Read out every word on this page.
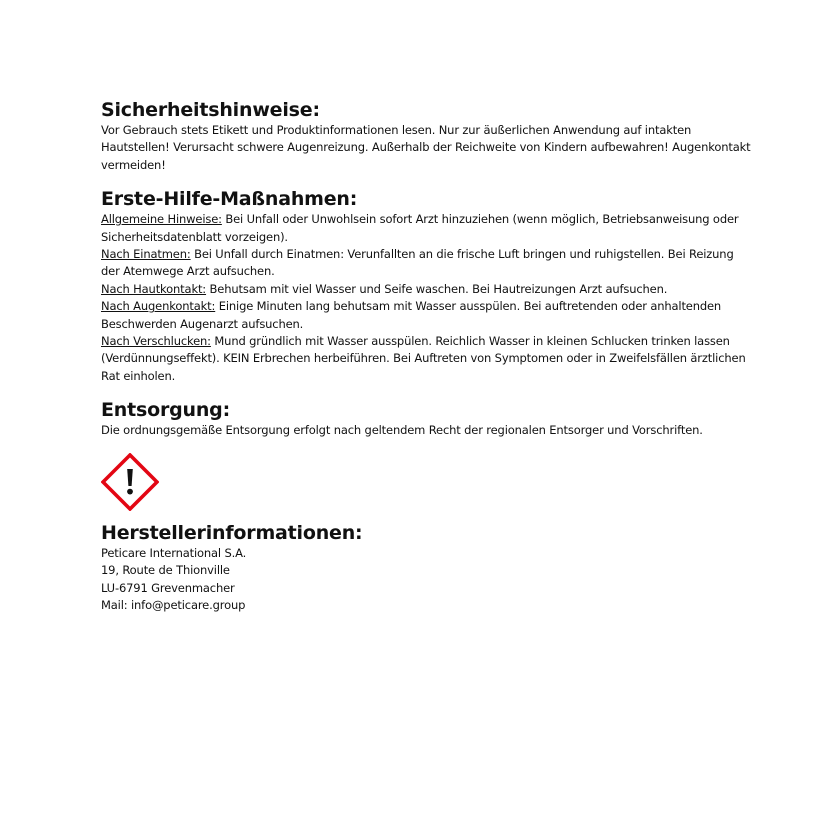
Sicherheitshinweise:

Vor Gebrauch stets Etikett und Produktinformationen lesen. Nur zur äußerlichen Anwendung auf intakten Hautstellen! Verursacht schwere Augenreizung. Außerhalb der Reichweite von Kindern aufbewahren! Augenkontakt vermeiden!

Erste-Hilfe-Maßnahmen:

Allgemeine Hinweise: Bei Unfall oder Unwohlsein sofort Arzt hinzuziehen (wenn möglich, Betriebsanweisung oder Sicherheitsdatenblatt vorzeigen).

Nach Einatmen: Bei Unfall durch Einatmen: Verunfallten an die frische Luft bringen und ruhigstellen. Bei Reizung der Atemwege Arzt aufsuchen.

Nach Hautkontakt: Behutsam mit viel Wasser und Seife waschen. Bei Hautreizungen Arzt aufsuchen.

Nach Augenkontakt: Einige Minuten lang behutsam mit Wasser ausspülen. Bei auftretenden oder anhaltenden Beschwerden Augenarzt aufsuchen.

Nach Verschlucken: Mund gründlich mit Wasser ausspülen. Reichlich Wasser in kleinen Schlucken trinken lassen (Verdünnungseffekt). KEIN Erbrechen herbeiführen. Bei Auftreten von Symptomen oder in Zweifelsfällen ärztlichen Rat einholen.

Entsorgung:

Die ordnungsgemäße Entsorgung erfolgt nach geltendem Recht der regionalen Entsorger und Vorschriften.

Herstellerinformationen:

Peticare International S.A.

19, Route de Thionville

LU-6791 Grevenmacher

Mail: info@peticare.group
